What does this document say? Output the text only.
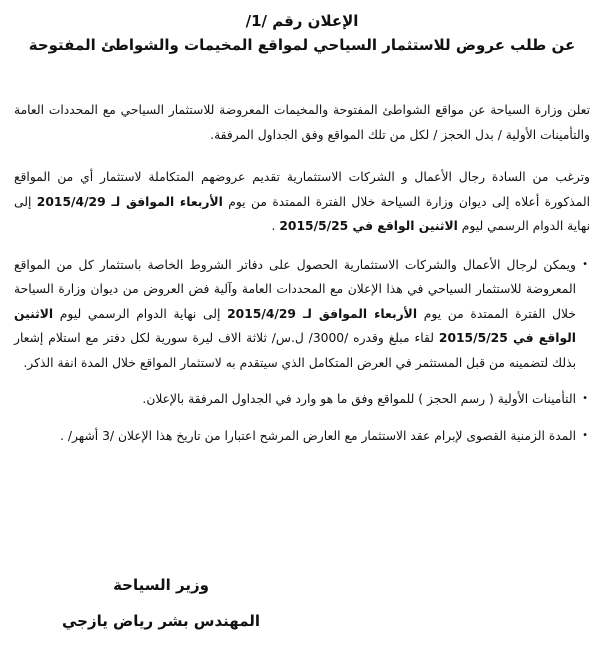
الإعلان رقم /1/
عن طلب عروض للاستثمار السياحي لمواقع المخيمات والشواطئ المفتوحة

تعلن وزارة السياحة عن مواقع الشواطئ المفتوحة والمخيمات المعروضة للاستثمار السياحي مع المحددات العامة والتأمينات الأولية / بدل الحجز / لكل من تلك المواقع وفق الجداول المرفقة.

وترغب من السادة رجال الأعمال و الشركات الاستثمارية تقديم عروضهم المتكاملة لاستثمار أي من المواقع المذكورة أعلاه إلى ديوان وزارة السياحة خلال الفترة الممتدة من يوم الأربعاء الموافق لـ 2015/4/29 إلى نهاية الدوام الرسمي ليوم الاثنين الواقع في 2015/5/25 .

•
ويمكن لرجال الأعمال والشركات الاستثمارية الحصول على دفاتر الشروط الخاصة باستثمار كل من المواقع المعروضة للاستثمار السياحي في هذا الإعلان مع المحددات العامة وآلية فض العروض من ديوان وزارة السياحة خلال الفترة الممتدة من يوم الأربعاء الموافق لـ 2015/4/29 إلى نهاية الدوام الرسمي ليوم الاثنين الواقع في 2015/5/25 لقاء مبلغ وقدره /3000/ ل.س/ ثلاثة الاف ليرة سورية لكل دفتر مع استلام إشعار بذلك لتضمينه من قبل المستثمر في العرض المتكامل الذي سيتقدم به لاستثمار المواقع خلال المدة انفة الذكر.
•
التأمينات الأولية ( رسم الحجز ) للمواقع وفق ما هو وارد في الجداول المرفقة بالإعلان.
•
المدة الزمنية القصوى لإبرام عقد الاستثمار مع العارض المرشح اعتبارا من تاريخ هذا الإعلان /3 أشهر/ .
وزير السياحة
المهندس بشر رياض يازجي
